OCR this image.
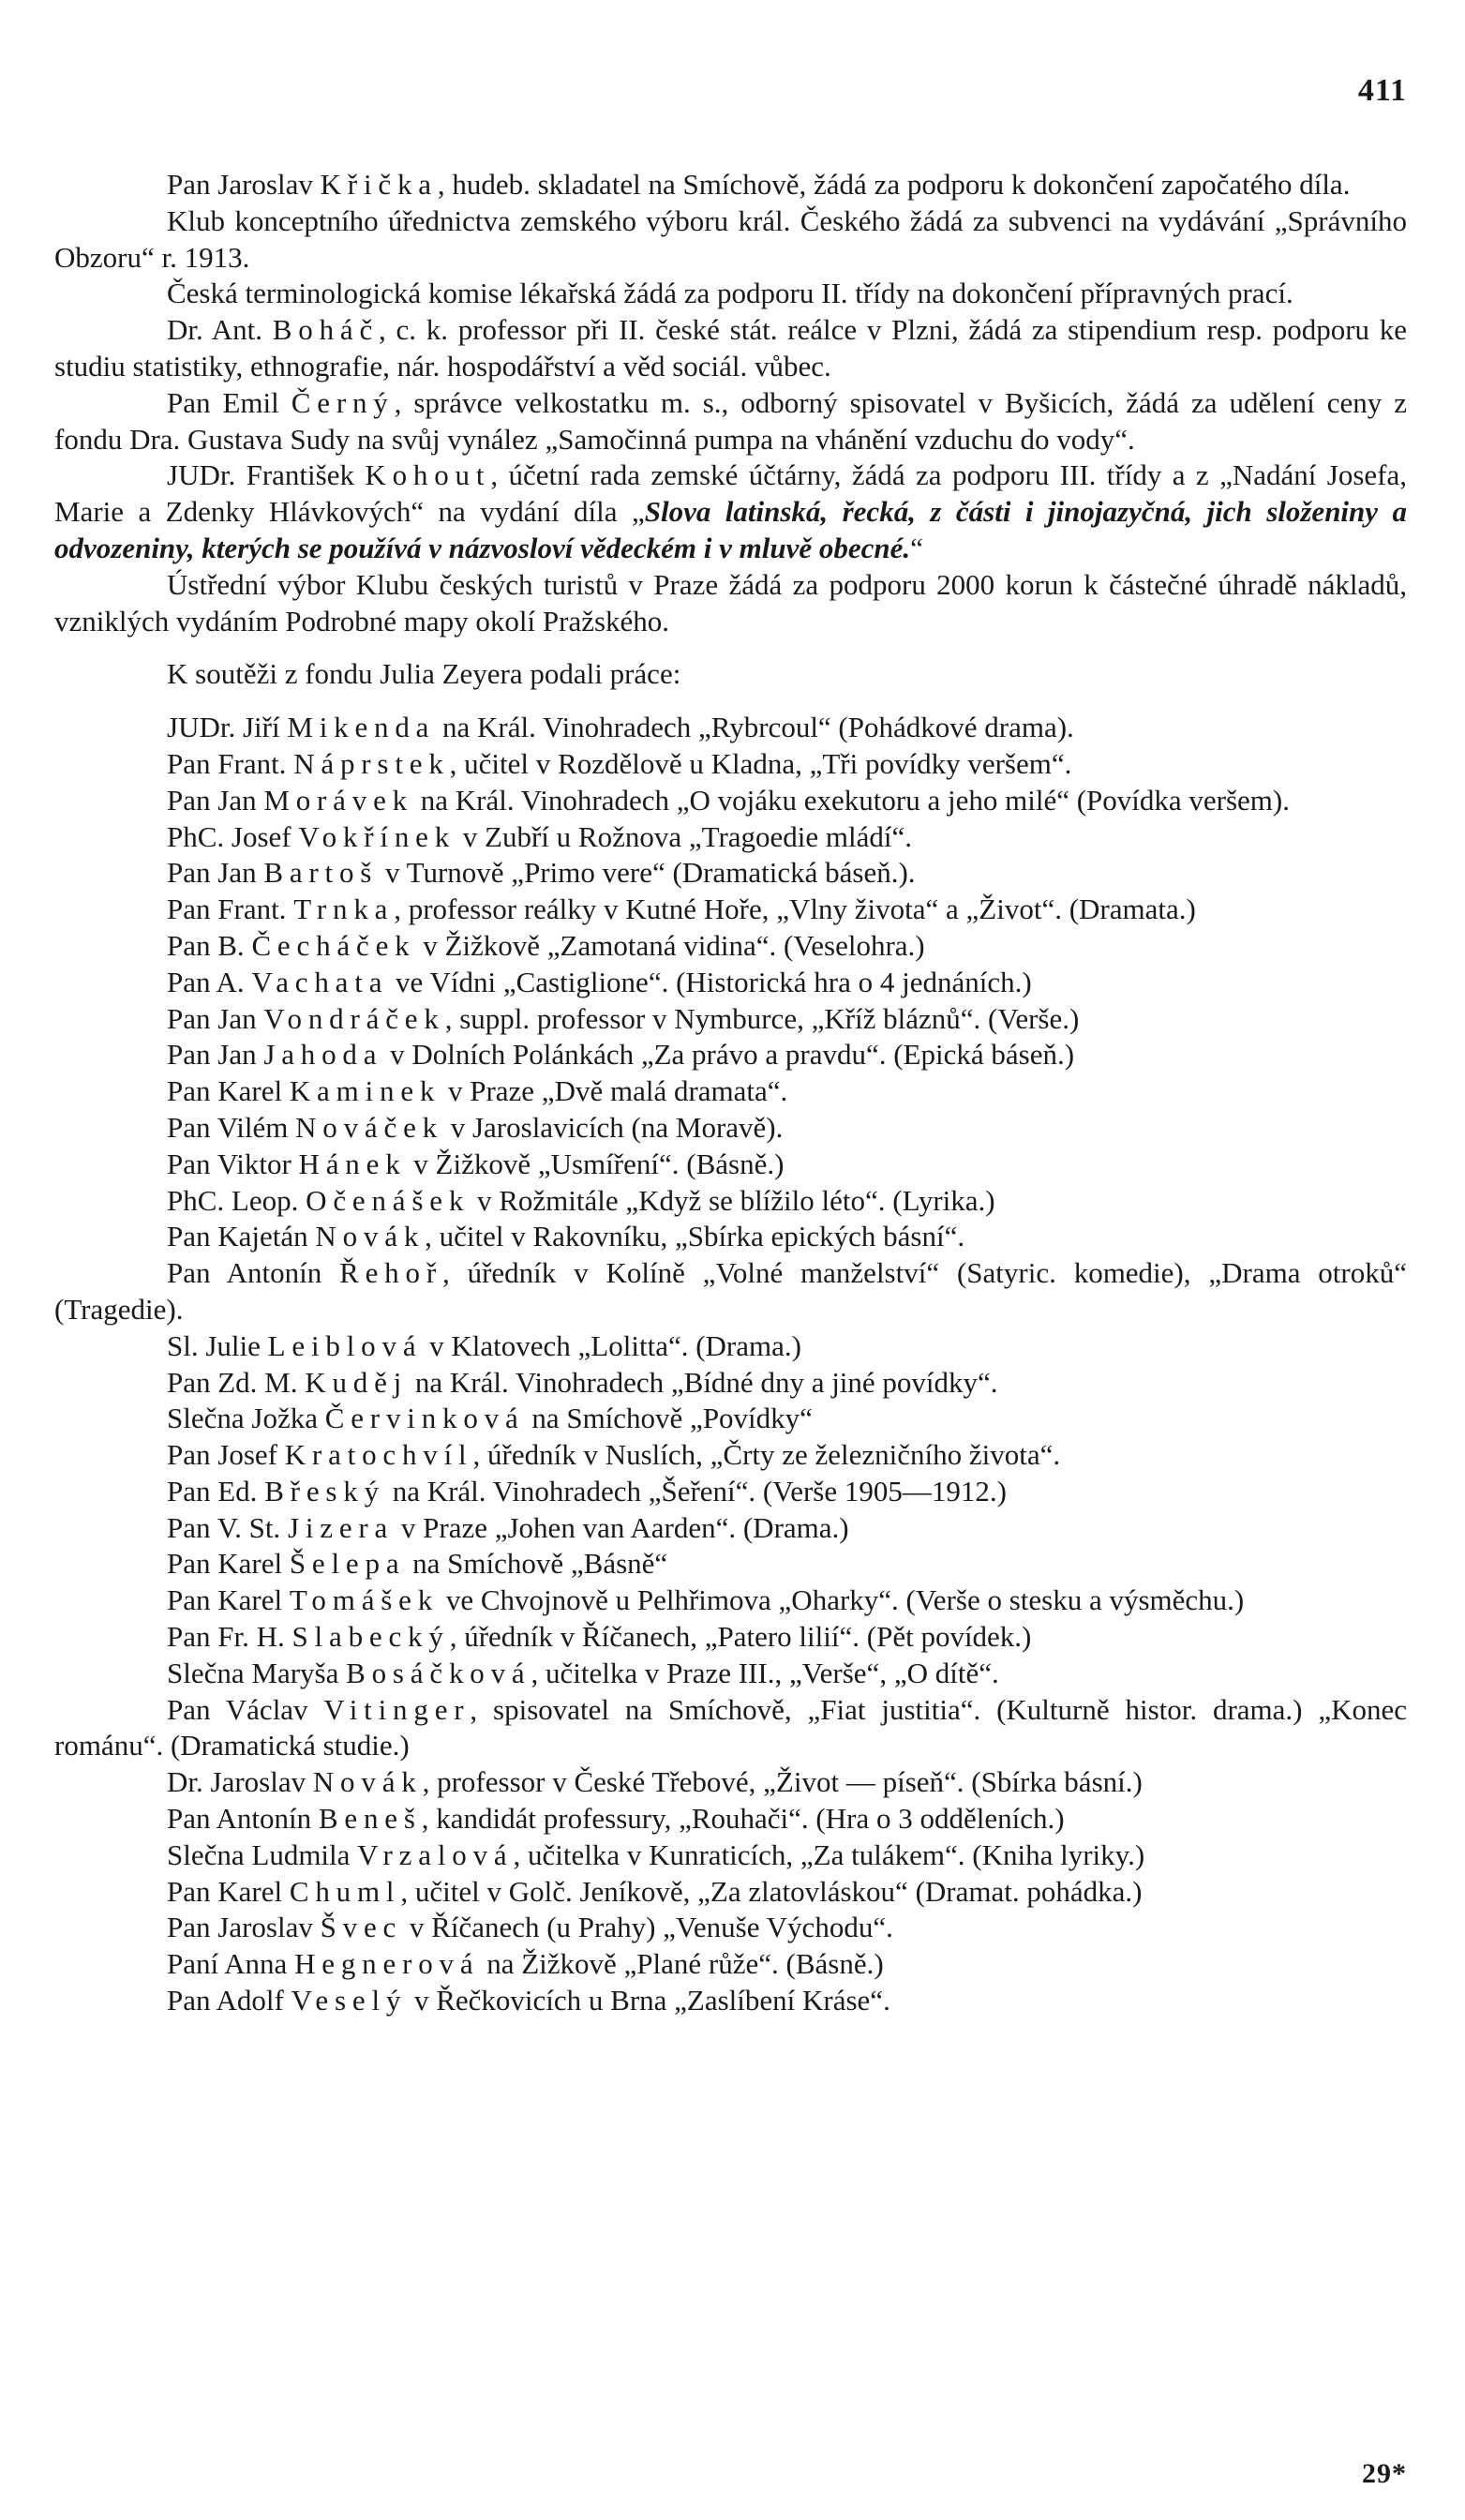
411

Pan Jaroslav Křička, hudeb. skladatel na Smíchově, žádá za podporu k dokončení započatého díla.

Klub konceptního úřednictva zemského výboru král. Českého žádá za subvenci na vydávání „Správního Obzoru“ r. 1913.

Česká terminologická komise lékařská žádá za podporu II. třídy na dokončení přípravných prací.

Dr. Ant. Boháč, c. k. professor při II. české stát. reálce v Plzni, žádá za stipendium resp. podporu ke studiu statistiky, ethnografie, nár. hospodářství a věd sociál. vůbec.

Pan Emil Černý, správce velkostatku m. s., odborný spisovatel v Byšicích, žádá za udělení ceny z fondu Dra. Gustava Sudy na svůj vynález „Samočinná pumpa na vhánění vzduchu do vody“.

JUDr. František Kohout, účetní rada zemské účtárny, žádá za podporu III. třídy a z „Nadání Josefa, Marie a Zdenky Hlávkových“ na vydání díla „Slova latinská, řecká, z části i jinojazyčná, jich složeniny a odvozeniny, kterých se používá v názvosloví vědeckém i v mluvě obecné.“

Ústřední výbor Klubu českých turistů v Praze žádá za podporu 2000 korun k částečné úhradě nákladů, vzniklých vydáním Podrobné mapy okolí Pražského.

K soutěži z fondu Julia Zeyera podali práce:

JUDr. Jiří Mikenda na Král. Vinohradech „Rybrcoul“ (Pohádkové drama).

Pan Frant. Náprstek, učitel v Rozdělově u Kladna, „Tři povídky veršem“.

Pan Jan Morávek na Král. Vinohradech „O vojáku exekutoru a jeho milé“ (Povídka veršem).

PhC. Josef Vokřínek v Zubří u Rožnova „Tragoedie mládí“.

Pan Jan Bartoš v Turnově „Primo vere“ (Dramatická báseň.).

Pan Frant. Trnka, professor reálky v Kutné Hoře, „Vlny života“ a „Život“. (Dramata.)

Pan B. Čecháček v Žižkově „Zamotaná vidina“. (Veselohra.)

Pan A. Vachata ve Vídni „Castiglione“. (Historická hra o 4 jednáních.)

Pan Jan Vondráček, suppl. professor v Nymburce, „Kříž bláznů“. (Verše.)

Pan Jan Jahoda v Dolních Polánkách „Za právo a pravdu“. (Epická báseň.)

Pan Karel Kaminek v Praze „Dvě malá dramata“.

Pan Vilém Nováček v Jaroslavicích (na Moravě).

Pan Viktor Hánek v Žižkově „Usmíření“. (Básně.)

PhC. Leop. Očenášek v Rožmitále „Když se blížilo léto“. (Lyrika.)

Pan Kajetán Novák, učitel v Rakovníku, „Sbírka epických básní“.

Pan Antonín Řehoř, úředník v Kolíně „Volné manželství“ (Satyric. komedie), „Drama otroků“ (Tragedie).

Sl. Julie Leiblová v Klatovech „Lolitta“. (Drama.)

Pan Zd. M. Kuděj na Král. Vinohradech „Bídné dny a jiné povídky“.

Slečna Jožka Červinková na Smíchově „Povídky“

Pan Josef Kratochvíl, úředník v Nuslích, „Črty ze železničního života“.

Pan Ed. Břeský na Král. Vinohradech „Šeření“. (Verše 1905—1912.)

Pan V. St. Jizera v Praze „Johen van Aarden“. (Drama.)

Pan Karel Šelepa na Smíchově „Básně“

Pan Karel Tomášek ve Chvojnově u Pelhřimova „Oharky“. (Verše o stesku a výsměchu.)

Pan Fr. H. Slabecký, úředník v Říčanech, „Patero lilií“. (Pět povídek.)

Slečna Maryša Bosáčková, učitelka v Praze III., „Verše“, „O dítě“.

Pan Václav Vitinger, spisovatel na Smíchově, „Fiat justitia“. (Kulturně histor. drama.) „Konec románu“. (Dramatická studie.)

Dr. Jaroslav Novák, professor v České Třebové, „Život — píseň“. (Sbírka básní.)

Pan Antonín Beneš, kandidát professury, „Rouhači“. (Hra o 3 odděleních.)

Slečna Ludmila Vrzalová, učitelka v Kunraticích, „Za tulákem“. (Kniha lyriky.)

Pan Karel Chuml, učitel v Golč. Jeníkově, „Za zlatovláskou“ (Dramat. pohádka.)

Pan Jaroslav Švec v Říčanech (u Prahy) „Venuše Východu“.

Paní Anna Hegnerová na Žižkově „Plané růže“. (Básně.)

Pan Adolf Veselý v Řečkovicích u Brna „Zaslíbení Kráse“.

29*
